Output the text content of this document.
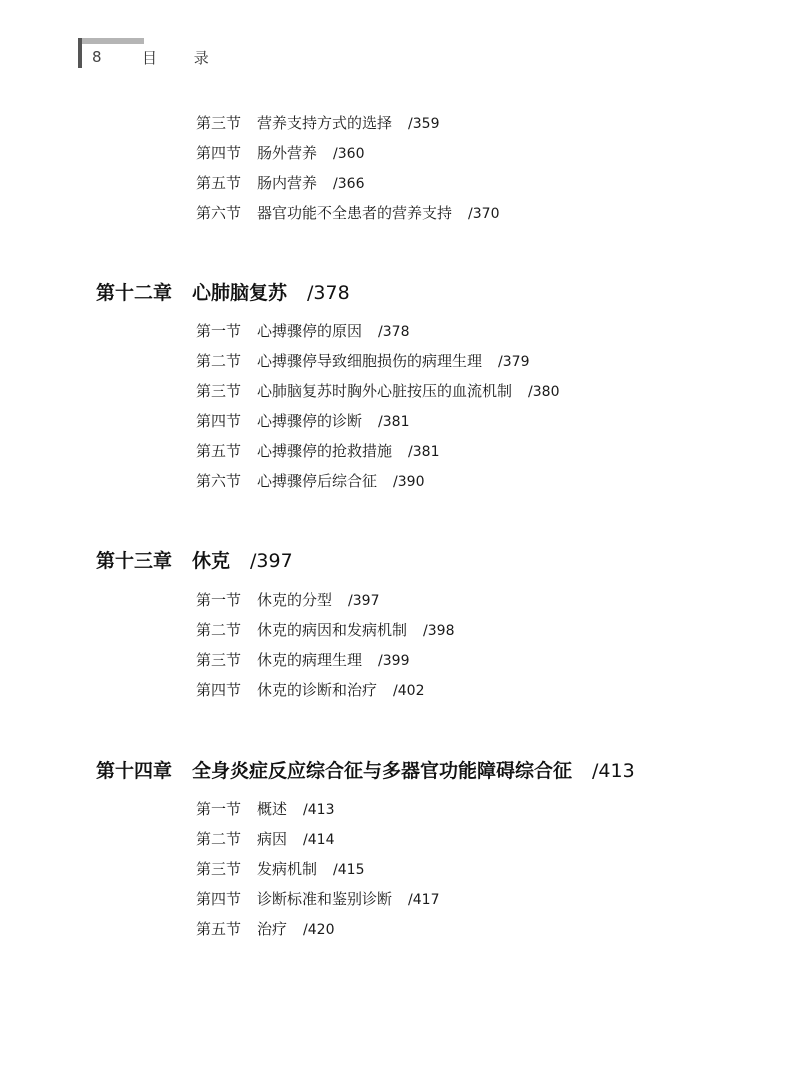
8	目 录
第三节 营养支持方式的选择 /359
第四节 肠外营养 /360
第五节 肠内营养 /366
第六节 器官功能不全患者的营养支持 /370
第十二章 心肺脑复苏 /378
第一节 心搏骤停的原因 /378
第二节 心搏骤停导致细胞损伤的病理生理 /379
第三节 心肺脑复苏时胸外心脏按压的血流机制 /380
第四节 心搏骤停的诊断 /381
第五节 心搏骤停的抢救措施 /381
第六节 心搏骤停后综合征 /390
第十三章 休克 /397
第一节 休克的分型 /397
第二节 休克的病因和发病机制 /398
第三节 休克的病理生理 /399
第四节 休克的诊断和治疗 /402
第十四章 全身炎症反应综合征与多器官功能障碍综合征 /413
第一节 概述 /413
第二节 病因 /414
第三节 发病机制 /415
第四节 诊断标准和鉴别诊断 /417
第五节 治疗 /420
